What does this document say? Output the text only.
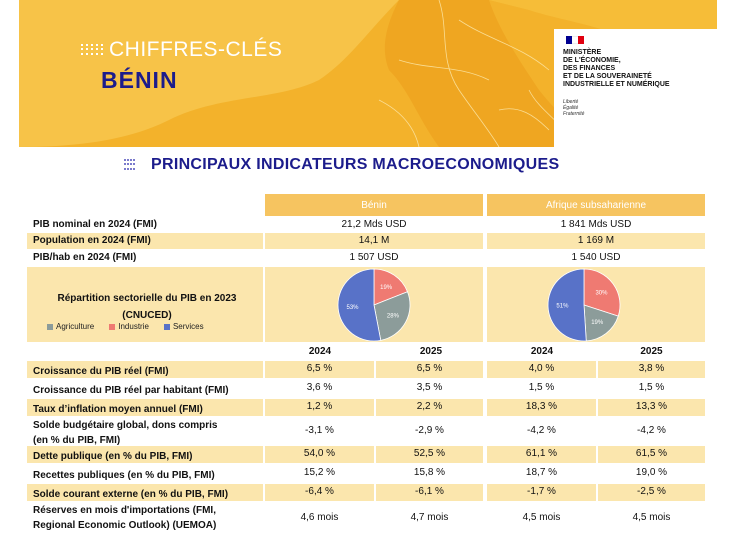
CHIFFRES-CLÉS
BÉNIN
MINISTÈRE
DE L'ÉCONOMIE,
DES FINANCES
ET DE LA SOUVERAINETÉ
INDUSTRIELLE ET NUMÉRIQUE
Liberté
Égalité
Fraternité
PRINCIPAUX INDICATEURS MACROECONOMIQUES
Bénin	Afrique subsaharienne
PIB nominal en 2024 (FMI)	21,2 Mds USD	1 841 Mds USD
Population en 2024 (FMI)	14,1 M	1 169 M
PIB/hab en 2024 (FMI)	1 507 USD	1 540 USD
Répartition sectorielle du PIB en 2023
(CNUCED)
Agriculture	Industrie	Services
19%
28%
53%
30%
19%
51%
2024	2025	2024	2025
Croissance du PIB réel (FMI)	6,5 %	6,5 %	4,0 %	3,8 %
Croissance du PIB réel par habitant (FMI)	3,6 %	3,5 %	1,5 %	1,5 %
Taux d’inflation moyen annuel (FMI)	1,2 %	2,2 %	18,3 %	13,3 %
Solde budgétaire global, dons compris
(en % du PIB, FMI)
-3,1 %	-2,9 %	-4,2 %	-4,2 %
Dette publique (en % du PIB, FMI)	54,0 %	52,5 %	61,1 %	61,5 %
Recettes publiques (en % du PIB, FMI)	15,2 %	15,8 %	18,7 %	19,0 %
Solde courant externe (en % du PIB, FMI)	-6,4 %	-6,1 %	-1,7 %	-2,5 %
Réserves en mois d'importations (FMI,
Regional Economic Outlook) (UEMOA)
4,6 mois	4,7 mois	4,5 mois	4,5 mois
